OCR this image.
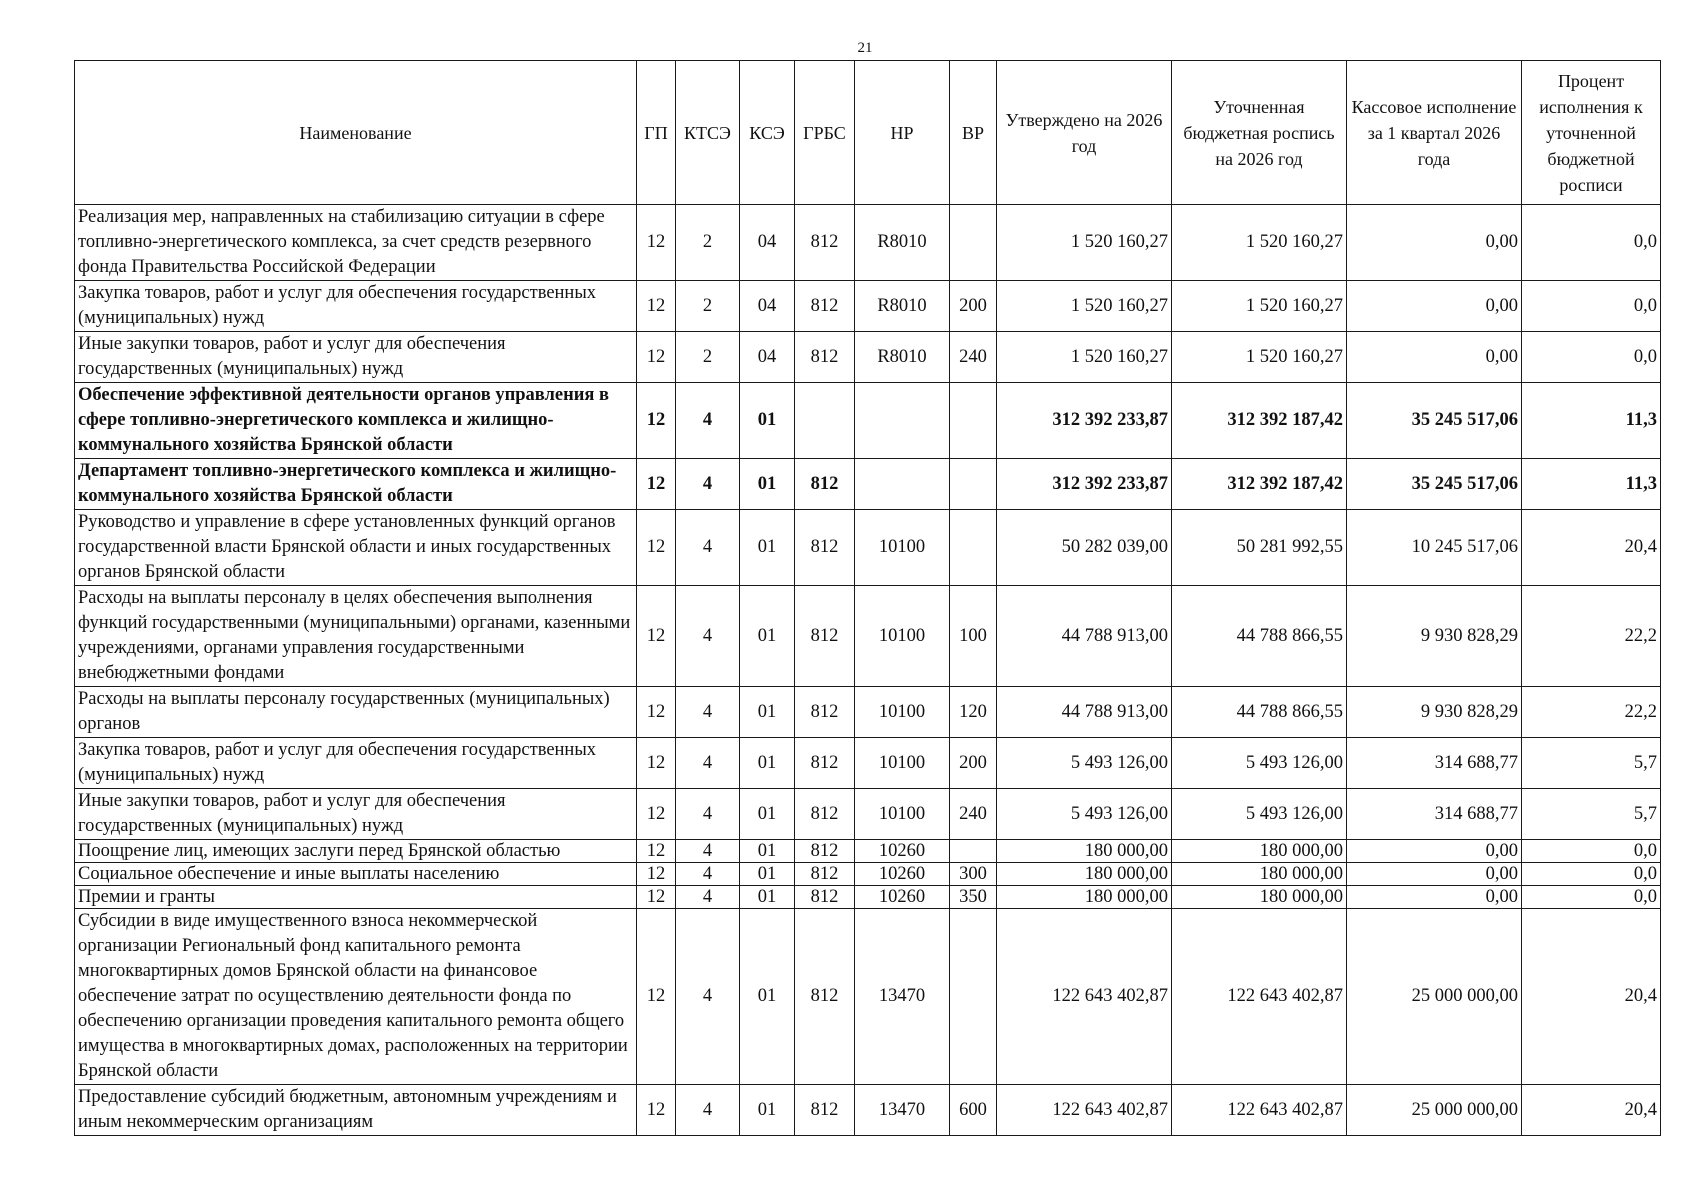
21
Наименование	ГП	КТСЭ	КСЭ	ГРБС	НР	ВР	Утверждено на 2026 год	Уточненная бюджетная роспись на 2026 год	Кассовое исполнение за 1 квартал 2026 года	Процент исполнения к уточненной бюджетной росписи
Реализация мер, направленных на стабилизацию ситуации в сфере топливно-энергетического комплекса, за счет средств резервного фонда Правительства Российской Федерации	12	2	04	812	R8010		1 520 160,27	1 520 160,27	0,00	0,0
Закупка товаров, работ и услуг для обеспечения государственных (муниципальных) нужд	12	2	04	812	R8010	200	1 520 160,27	1 520 160,27	0,00	0,0
Иные закупки товаров, работ и услуг для обеспечения государственных (муниципальных) нужд	12	2	04	812	R8010	240	1 520 160,27	1 520 160,27	0,00	0,0
Обеспечение эффективной деятельности органов управления в сфере топливно-энергетического комплекса и жилищно-коммунального хозяйства Брянской области	12	4	01				312 392 233,87	312 392 187,42	35 245 517,06	11,3
Департамент топливно-энергетического комплекса и жилищно-коммунального хозяйства Брянской области	12	4	01	812			312 392 233,87	312 392 187,42	35 245 517,06	11,3
Руководство и управление в сфере установленных функций органов государственной власти Брянской области и иных государственных органов Брянской области	12	4	01	812	10100		50 282 039,00	50 281 992,55	10 245 517,06	20,4
Расходы на выплаты персоналу в целях обеспечения выполнения функций государственными (муниципальными) органами, казенными учреждениями, органами управления государственными внебюджетными фондами	12	4	01	812	10100	100	44 788 913,00	44 788 866,55	9 930 828,29	22,2
Расходы на выплаты персоналу государственных (муниципальных) органов	12	4	01	812	10100	120	44 788 913,00	44 788 866,55	9 930 828,29	22,2
Закупка товаров, работ и услуг для обеспечения государственных (муниципальных) нужд	12	4	01	812	10100	200	5 493 126,00	5 493 126,00	314 688,77	5,7
Иные закупки товаров, работ и услуг для обеспечения государственных (муниципальных) нужд	12	4	01	812	10100	240	5 493 126,00	5 493 126,00	314 688,77	5,7
Поощрение лиц, имеющих заслуги перед Брянской областью	12	4	01	812	10260		180 000,00	180 000,00	0,00	0,0
Социальное обеспечение и иные выплаты населению	12	4	01	812	10260	300	180 000,00	180 000,00	0,00	0,0
Премии и гранты	12	4	01	812	10260	350	180 000,00	180 000,00	0,00	0,0
Субсидии в виде имущественного взноса некоммерческой организации Региональный фонд капитального ремонта многоквартирных домов Брянской области на финансовое обеспечение затрат по осуществлению деятельности фонда по обеспечению организации проведения капитального ремонта общего имущества в многоквартирных домах, расположенных на территории Брянской области	12	4	01	812	13470		122 643 402,87	122 643 402,87	25 000 000,00	20,4
Предоставление субсидий бюджетным, автономным учреждениям и иным некоммерческим организациям	12	4	01	812	13470	600	122 643 402,87	122 643 402,87	25 000 000,00	20,4
